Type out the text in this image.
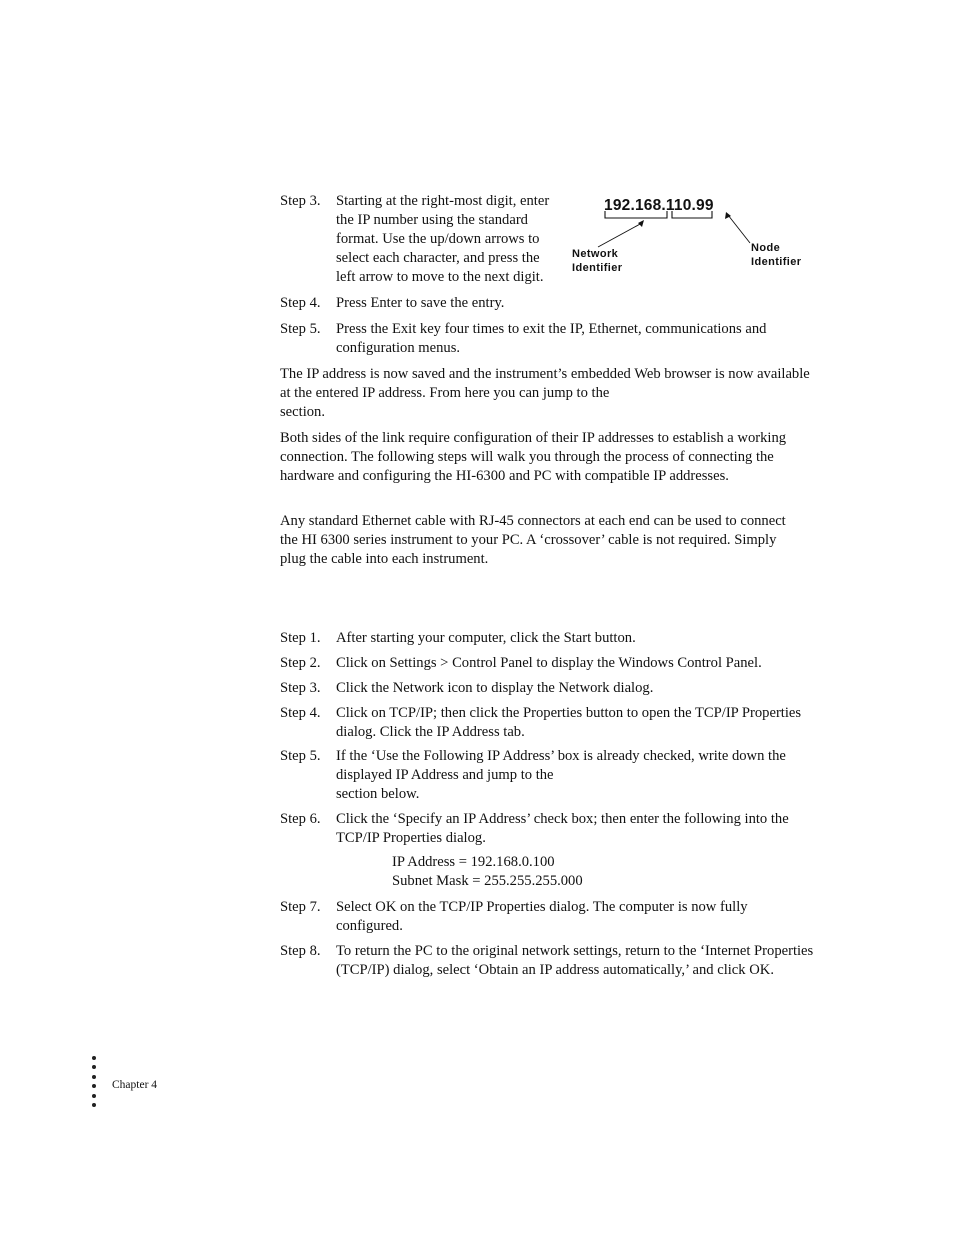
Step 3. Starting at the right-most digit, enter
the IP number using the standard
format. Use the up/down arrows to
select each character, and press the
left arrow to move to the next digit.
192.168.110.99
Network
Identifier
Node
Identifier
Step 4. Press Enter to save the entry.
Step 5. Press the Exit key four times to exit the IP, Ethernet, communications and
configuration menus.
The IP address is now saved and the instrument’s embedded Web browser is now available
at the entered IP address. From here you can jump to the
section.
Both sides of the link require configuration of their IP addresses to establish a working
connection. The following steps will walk you through the process of connecting the
hardware and configuring the HI-6300 and PC with compatible IP addresses.
Any standard Ethernet cable with RJ-45 connectors at each end can be used to connect
the HI 6300 series instrument to your PC. A ‘crossover’ cable is not required. Simply
plug the cable into each instrument.
Step 1. After starting your computer, click the Start button.
Step 2. Click on Settings > Control Panel to display the Windows Control Panel.
Step 3. Click the Network icon to display the Network dialog.
Step 4. Click on TCP/IP; then click the Properties button to open the TCP/IP Properties
dialog. Click the IP Address tab.
Step 5. If the ‘Use the Following IP Address’ box is already checked, write down the
displayed IP Address and jump to the
section below.
Step 6. Click the ‘Specify an IP Address’ check box; then enter the following into the
TCP/IP Properties dialog.
IP Address = 192.168.0.100
Subnet Mask = 255.255.255.000
Step 7. Select OK on the TCP/IP Properties dialog. The computer is now fully
configured.
Step 8. To return the PC to the original network settings, return to the ‘Internet Properties
(TCP/IP) dialog, select ‘Obtain an IP address automatically,’ and click OK.
Chapter 4
